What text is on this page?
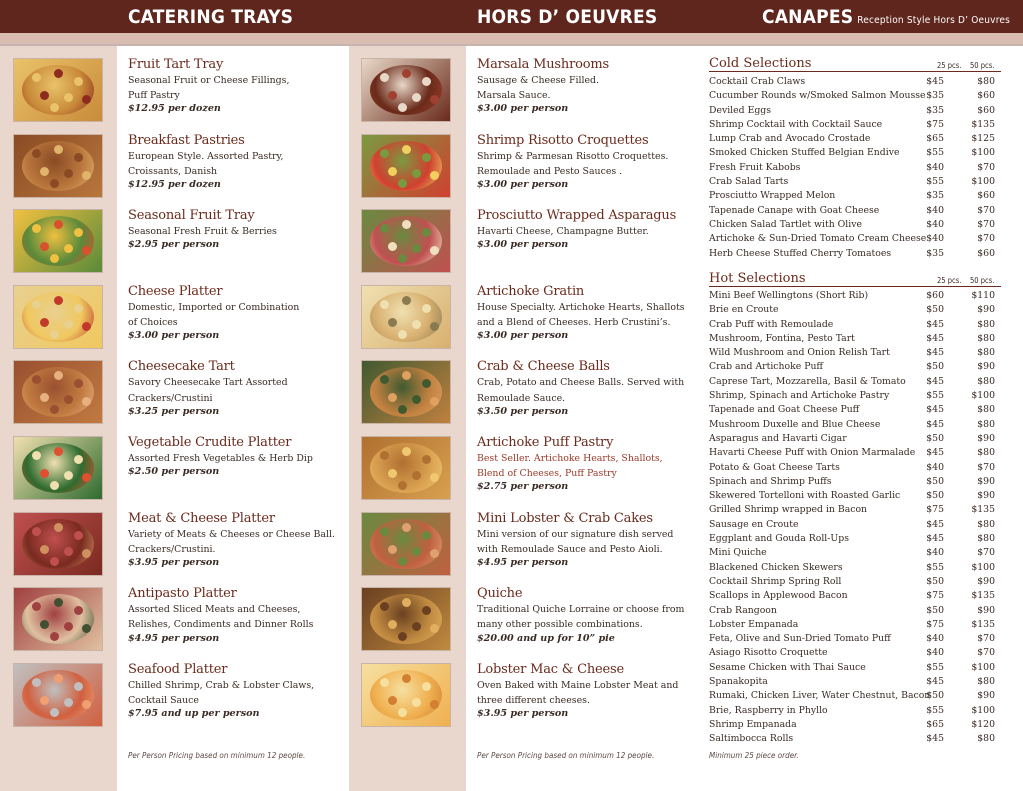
CATERING TRAYS	HORS D’ OEUVRES	CANAPES Reception Style Hors D’ Oeuvres
Fruit Tart Tray
Seasonal Fruit or Cheese Fillings,
Puff Pastry
$12.95 per dozen
Breakfast Pastries
European Style. Assorted Pastry,
Croissants, Danish
$12.95 per dozen
Seasonal Fruit Tray
Seasonal Fresh Fruit & Berries
$2.95 per person
Cheese Platter
Domestic, Imported or Combination
of Choices
$3.00 per person
Cheesecake Tart
Savory Cheesecake Tart Assorted
Crackers/Crustini
$3.25 per person
Vegetable Crudite Platter
Assorted Fresh Vegetables & Herb Dip
$2.50 per person
Meat & Cheese Platter
Variety of Meats & Cheeses or Cheese Ball.
Crackers/Crustini.
$3.95 per person
Antipasto Platter
Assorted Sliced Meats and Cheeses,
Relishes, Condiments and Dinner Rolls
$4.95 per person
Seafood Platter
Chilled Shrimp, Crab & Lobster Claws,
Cocktail Sauce
$7.95 and up per person
Per Person Pricing based on minimum 12 people.
Marsala Mushrooms
Sausage & Cheese Filled.
Marsala Sauce.
$3.00 per person
Shrimp Risotto Croquettes
Shrimp & Parmesan Risotto Croquettes.
Remoulade and Pesto Sauces .
$3.00 per person
Prosciutto Wrapped Asparagus
Havarti Cheese, Champagne Butter.
$3.00 per person
Artichoke Gratin
House Specialty. Artichoke Hearts, Shallots
and a Blend of Cheeses. Herb Crustini’s.
$3.00 per person
Crab & Cheese Balls
Crab, Potato and Cheese Balls. Served with
Remoulade Sauce.
$3.50 per person
Artichoke Puff Pastry
Best Seller. Artichoke Hearts, Shallots,
Blend of Cheeses, Puff Pastry
$2.75 per person
Mini Lobster & Crab Cakes
Mini version of our signature dish served
with Remoulade Sauce and Pesto Aioli.
$4.95 per person
Quiche
Traditional Quiche Lorraine or choose from
many other possible combinations.
$20.00 and up for 10” pie
Lobster Mac & Cheese
Oven Baked with Maine Lobster Meat and
three different cheeses.
$3.95 per person
Per Person Pricing based on minimum 12 people.
Cold Selections	25 pcs. 50 pcs.
Cocktail Crab Claws	$45	$80
Cucumber Rounds w/Smoked Salmon Mousse $35	$60
Deviled Eggs	$35	$60
Shrimp Cocktail with Cocktail Sauce	$75	$135
Lump Crab and Avocado Crostade	$65	$125
Smoked Chicken Stuffed Belgian Endive	$55	$100
Fresh Fruit Kabobs	$40	$70
Crab Salad Tarts	$55	$100
Prosciutto Wrapped Melon	$35	$60
Tapenade Canape with Goat Cheese	$40	$70
Chicken Salad Tartlet with Olive	$40	$70
Artichoke & Sun-Dried Tomato Cream Cheese $40	$70
Herb Cheese Stuffed Cherry Tomatoes	$35	$60
Hot Selections	25 pcs. 50 pcs.
Mini Beef Wellingtons (Short Rib)	$60	$110
Brie en Croute	$50	$90
Crab Puff with Remoulade	$45	$80
Mushroom, Fontina, Pesto Tart	$45	$80
Wild Mushroom and Onion Relish Tart	$45	$80
Crab and Artichoke Puff	$50	$90
Caprese Tart, Mozzarella, Basil & Tomato $45	$80
Shrimp, Spinach and Artichoke Pastry	$55	$100
Tapenade and Goat Cheese Puff	$45	$80
Mushroom Duxelle and Blue Cheese	$45	$80
Asparagus and Havarti Cigar	$50	$90
Havarti Cheese Puff with Onion Marmalade $45	$80
Potato & Goat Cheese Tarts	$40	$70
Spinach and Shrimp Puffs	$50	$90
Skewered Tortelloni with Roasted Garlic	$50	$90
Grilled Shrimp wrapped in Bacon	$75	$135
Sausage en Croute	$45	$80
Eggplant and Gouda Roll-Ups	$45	$80
Mini Quiche	$40	$70
Blackened Chicken Skewers	$55	$100
Cocktail Shrimp Spring Roll	$50	$90
Scallops in Applewood Bacon	$75	$135
Crab Rangoon	$50	$90
Lobster Empanada	$75	$135
Feta, Olive and Sun-Dried Tomato Puff	$40	$70
Asiago Risotto Croquette	$40	$70
Sesame Chicken with Thai Sauce	$55	$100
Spanakopita	$45	$80
Rumaki, Chicken Liver, Water Chestnut, Bacon
$50	$90
Brie, Raspberry in Phyllo	$55	$100
Shrimp Empanada	$65	$120
Saltimbocca Rolls	$45	$80
Minimum 25 piece order.
